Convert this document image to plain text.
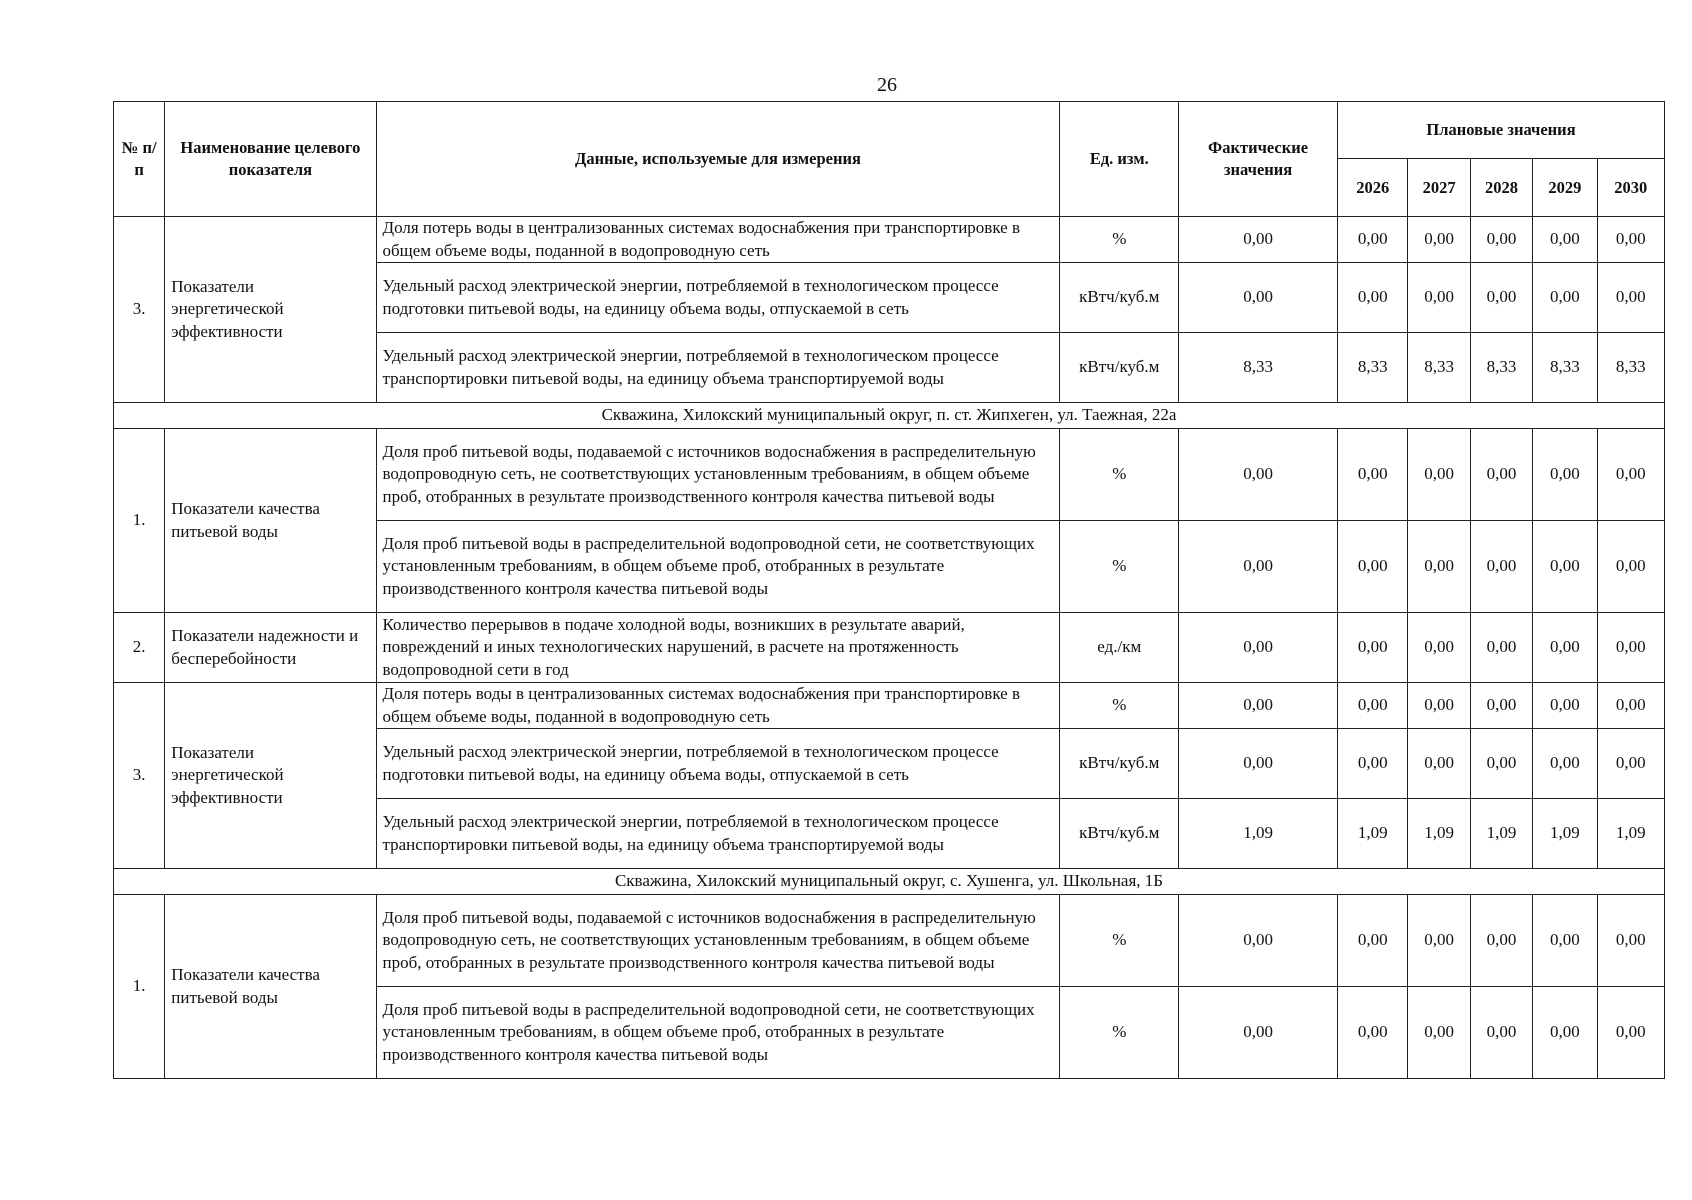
26
№ п/п	Наименование целевого показателя	Данные, используемые для измерения	Ед. изм.	Фактические значения	Плановые значения				
					2026	2027	2028	2029	2030
3.	Показатели энергетической эффективности	Доля потерь воды в централизованных системах водоснабжения при транспортировке в общем объеме воды, поданной в водопроводную сеть	%	0,00	0,00	0,00	0,00	0,00	0,00
		Удельный расход электрической энергии, потребляемой в технологическом процессе подготовки питьевой воды, на единицу объема воды, отпускаемой в сеть	кВтч/куб.м	0,00	0,00	0,00	0,00	0,00	0,00
		Удельный расход электрической энергии, потребляемой в технологическом процессе транспортировки питьевой воды, на единицу объема транспортируемой воды	кВтч/куб.м	8,33	8,33	8,33	8,33	8,33	8,33
Скважина, Хилокский муниципальный округ, п. ст. Жипхеген, ул. Таежная, 22а									
1.	Показатели качества питьевой воды	Доля проб питьевой воды, подаваемой с источников водоснабжения в распределительную водопроводную сеть, не соответствующих установленным требованиям, в общем объеме проб, отобранных в результате производственного контроля качества питьевой воды	%	0,00	0,00	0,00	0,00	0,00	0,00
		Доля проб питьевой воды в распределительной водопроводной сети, не соответствующих установленным требованиям, в общем объеме проб, отобранных в результате производственного контроля качества питьевой воды	%	0,00	0,00	0,00	0,00	0,00	0,00
2.	Показатели надежности и бесперебойности	Количество перерывов в подаче холодной воды, возникших в результате аварий, повреждений и иных технологических нарушений, в расчете на протяженность водопроводной сети в год	ед./км	0,00	0,00	0,00	0,00	0,00	0,00
3.	Показатели энергетической эффективности	Доля потерь воды в централизованных системах водоснабжения при транспортировке в общем объеме воды, поданной в водопроводную сеть	%	0,00	0,00	0,00	0,00	0,00	0,00
		Удельный расход электрической энергии, потребляемой в технологическом процессе подготовки питьевой воды, на единицу объема воды, отпускаемой в сеть	кВтч/куб.м	0,00	0,00	0,00	0,00	0,00	0,00
		Удельный расход электрической энергии, потребляемой в технологическом процессе транспортировки питьевой воды, на единицу объема транспортируемой воды	кВтч/куб.м	1,09	1,09	1,09	1,09	1,09	1,09
Скважина, Хилокский муниципальный округ, с. Хушенга, ул. Школьная, 1Б									
1.	Показатели качества питьевой воды	Доля проб питьевой воды, подаваемой с источников водоснабжения в распределительную водопроводную сеть, не соответствующих установленным требованиям, в общем объеме проб, отобранных в результате производственного контроля качества питьевой воды	%	0,00	0,00	0,00	0,00	0,00	0,00
		Доля проб питьевой воды в распределительной водопроводной сети, не соответствующих установленным требованиям, в общем объеме проб, отобранных в результате производственного контроля качества питьевой воды	%	0,00	0,00	0,00	0,00	0,00	0,00
